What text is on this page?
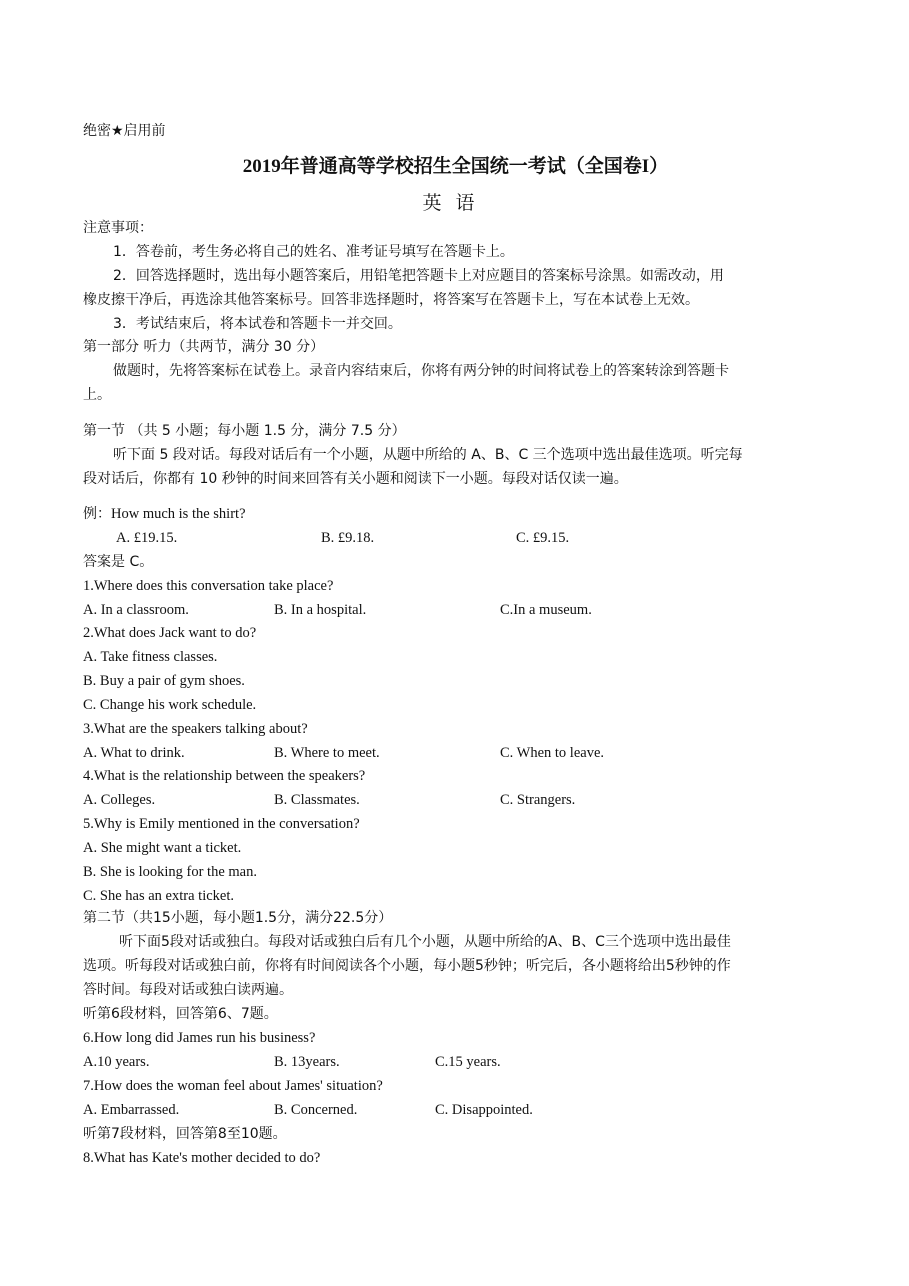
绝密★启用前
2019年普通高等学校招生全国统一考试（全国卷I）
英语
注意事项：
1．答卷前，考生务必将自己的姓名、准考证号填写在答题卡上。
2．回答选择题时，选出每小题答案后，用铅笔把答题卡上对应题目的答案标号涂黑。如需改动，用
橡皮擦干净后，再选涂其他答案标号。回答非选择题时，将答案写在答题卡上，写在本试卷上无效。
3．考试结束后，将本试卷和答题卡一并交回。
第一部分 听力（共两节，满分 30 分）
做题时，先将答案标在试卷上。录音内容结束后，你将有两分钟的时间将试卷上的答案转涂到答题卡
上。
第一节 （共 5 小题；每小题 1.5 分，满分 7.5 分）
听下面 5 段对话。每段对话后有一个小题，从题中所给的 A、B、C 三个选项中选出最佳选项。听完每
段对话后，你都有 10 秒钟的时间来回答有关小题和阅读下一小题。每段对话仅读一遍。
例：How much is the shirt?
A. £19.15.	B. £9.18.	C. £9.15.
答案是 C。
1.Where does this conversation take place?
A. In a classroom.	B. In a hospital.	C.In a museum.
2.What does Jack want to do?
A. Take fitness classes.
B. Buy a pair of gym shoes.
C. Change his work schedule.
3.What are the speakers talking about?
A. What to drink.	B. Where to meet.	C. When to leave.
4.What is the relationship between the speakers?
A. Colleges.	B. Classmates.	C. Strangers.
5.Why is Emily mentioned in the conversation?
A. She might want a ticket.
B. She is looking for the man.
C. She has an extra ticket.
第二节（共15小题，每小题1.5分，满分22.5分）
听下面5段对话或独白。每段对话或独白后有几个小题，从题中所给的A、B、C三个选项中选出最佳
选项。听每段对话或独白前，你将有时间阅读各个小题，每小题5秒钟；听完后，各小题将给出5秒钟的作
答时间。每段对话或独白读两遍。
听第6段材料，回答第6、7题。
6.How long did James run his business?
A.10 years.	B. 13years.	C.15 years.
7.How does the woman feel about James' situation?
A. Embarrassed.	B. Concerned.	C. Disappointed.
听第7段材料，回答第8至10题。
8.What has Kate's mother decided to do?
